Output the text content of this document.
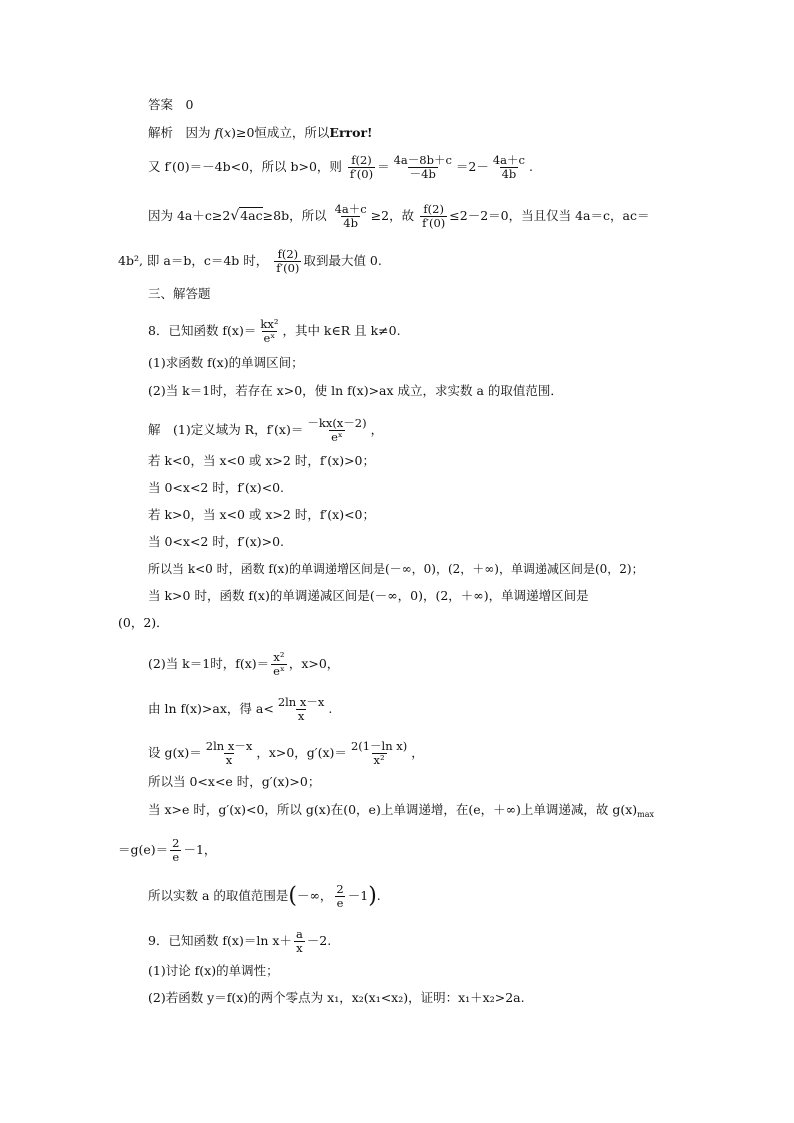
答案　0
解析　因为 f(x)≥0恒成立，所以Error!
又 f′(0)＝－4b<0，所以 b>0，则 $\frac{f(2)}{f'(0)} = \frac{4a-8b+c}{-4b} =2- \frac{4a+c}{4b}$ .
因为 4a＋c≥2√4ac≥8b，所以 $\frac{4a+c}{4b} \ge 2$，故 $\frac{f(2)}{f'(0)} \le 2-2=0$，当且仅当 4a＝c，ac＝
4b², 即 a＝b，c＝4b 时， $\frac{f(2)}{f'(0)}$ 取到最大值 0.
三、解答题
8．已知函数 $f(x)= \frac{\text{kx²}}{\text{eˣ}}$ ，其中 k∈R 且 k≠0.
(1)求函数 f(x)的单调区间；
(2)当 k＝1时，若存在 x>0，使 ln f(x)>ax 成立，求实数 a 的取值范围．
解　(1)定义域为 R，$f'(x)= \frac{-kx(x-2)}{\text{eˣ}}$ ，
若 k<0，当 x<0 或 x>2 时，f′(x)>0；
当 0<x<2 时，f′(x)<0.
若 k>0，当 x<0 或 x>2 时，f′(x)<0；
当 0<x<2 时，f′(x)>0.
所以当 k<0 时，函数 f(x)的单调递增区间是(－∞，0)，(2，＋∞)，单调递减区间是(0，2)；
当 k>0 时，函数 f(x)的单调递减区间是(－∞，0)，(2，＋∞)，单调递增区间是
(0，2)．
(2)当 k＝1时，$f(x)= \frac{\text{x²}}{\text{eˣ}}$ ，x>0，
由 ln f(x)>ax，得 $a< \frac{\text{2ln x－x}}{x}$ .
设 $g(x)= \frac{\text{2ln x－x}}{x}$ ，x>0，$g'(x)= \frac{\text{2(1－ln x)}}{\text{x²}}$ ，
所以当 0<x<e 时，g′(x)>0；
当 x>e 时，g′(x)<0，所以 g(x)在(0，e)上单调递增，在(e，＋∞)上单调递减，故 $g(x)_{max}$
$=g(e)= \frac{2}{e} -1$，
所以实数 a 的取值范围是(－∞， $\frac{2}{e} -1$).
9．已知函数 f(x)＝ln $x+ \frac{a}{x} -2$.
(1)讨论 f(x)的单调性；
(2)若函数 y＝f(x)的两个零点为 x₁，x₂(x₁<x₂)，证明：x₁＋x₂>2a.
